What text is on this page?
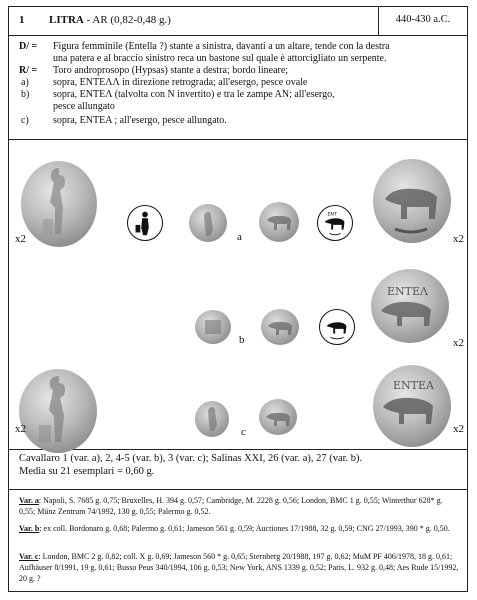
1 LITRA - AR (0,82-0,48 g.)	440-430 a.C.
D/ = Figura femminile (Entella ?) stante a sinistra, davanti a un altare, tende con la destra
una patera e al braccio sinistro reca un bastone sul quale è attorcigliato un serpente.
R/ = Toro androprosopo (Hypsas) stante a destra; bordo lineare;
a) sopra, ΕΝΤΕΛΛ in direzione retrograda; all'esergo, pesce ovale
b) sopra, ΕΝΤΕΛ (talvolta con N invertito) e tra le zampe AN; all'esergo,
pesce allungato
c) sopra, ΕΝΤΕΑ ; all'esergo, pesce allungato.
x2
ΕΝΤ
a	x2
ΕΝΤΕΛ
x2
b
x2	c
ΕΝΤΕΑ
x2
Cavallaro 1 (var. a), 2, 4-5 (var. b), 3 (var. c); Salinas XXI, 26 (var. a), 27 (var. b).
Media su 21 esemplari = 0,60 g.
Var. a: Napoli, S. 7685 g. 0,75; Bruxelles, H. 394 g. 0,57; Cambridge, M. 2228 g. 0,56; London, BMC 1 g. 0,55; Winterthur 628* g. 0,55; Münz Zentrum 74/1992, 130 g. 0,55; Palermo g. 0,52.
Var. b: ex coll. Bordonaro g. 0,68; Palermo g. 0,61; Jameson 561 g. 0,59; Auctiones 17/1988, 32 g. 0,59; CNG 27/1993, 390 * g. 0,50.
Var. c: London, BMC 2 g. 0,82; coll. X g. 0,69; Jameson 560 * g. 0,65; Sternberg 20/1988, 197 g. 0,62; MuM PF 406/1978, 18 g. 0,61; Aufhäuser 8/1991, 19 g. 0,61; Busso Peus 340/1994, 106 g. 0,53; New York, ANS 1339 g. 0,52; Paris, L. 932 g. 0,48; Aes Rude 15/1992, 20 g. ?
